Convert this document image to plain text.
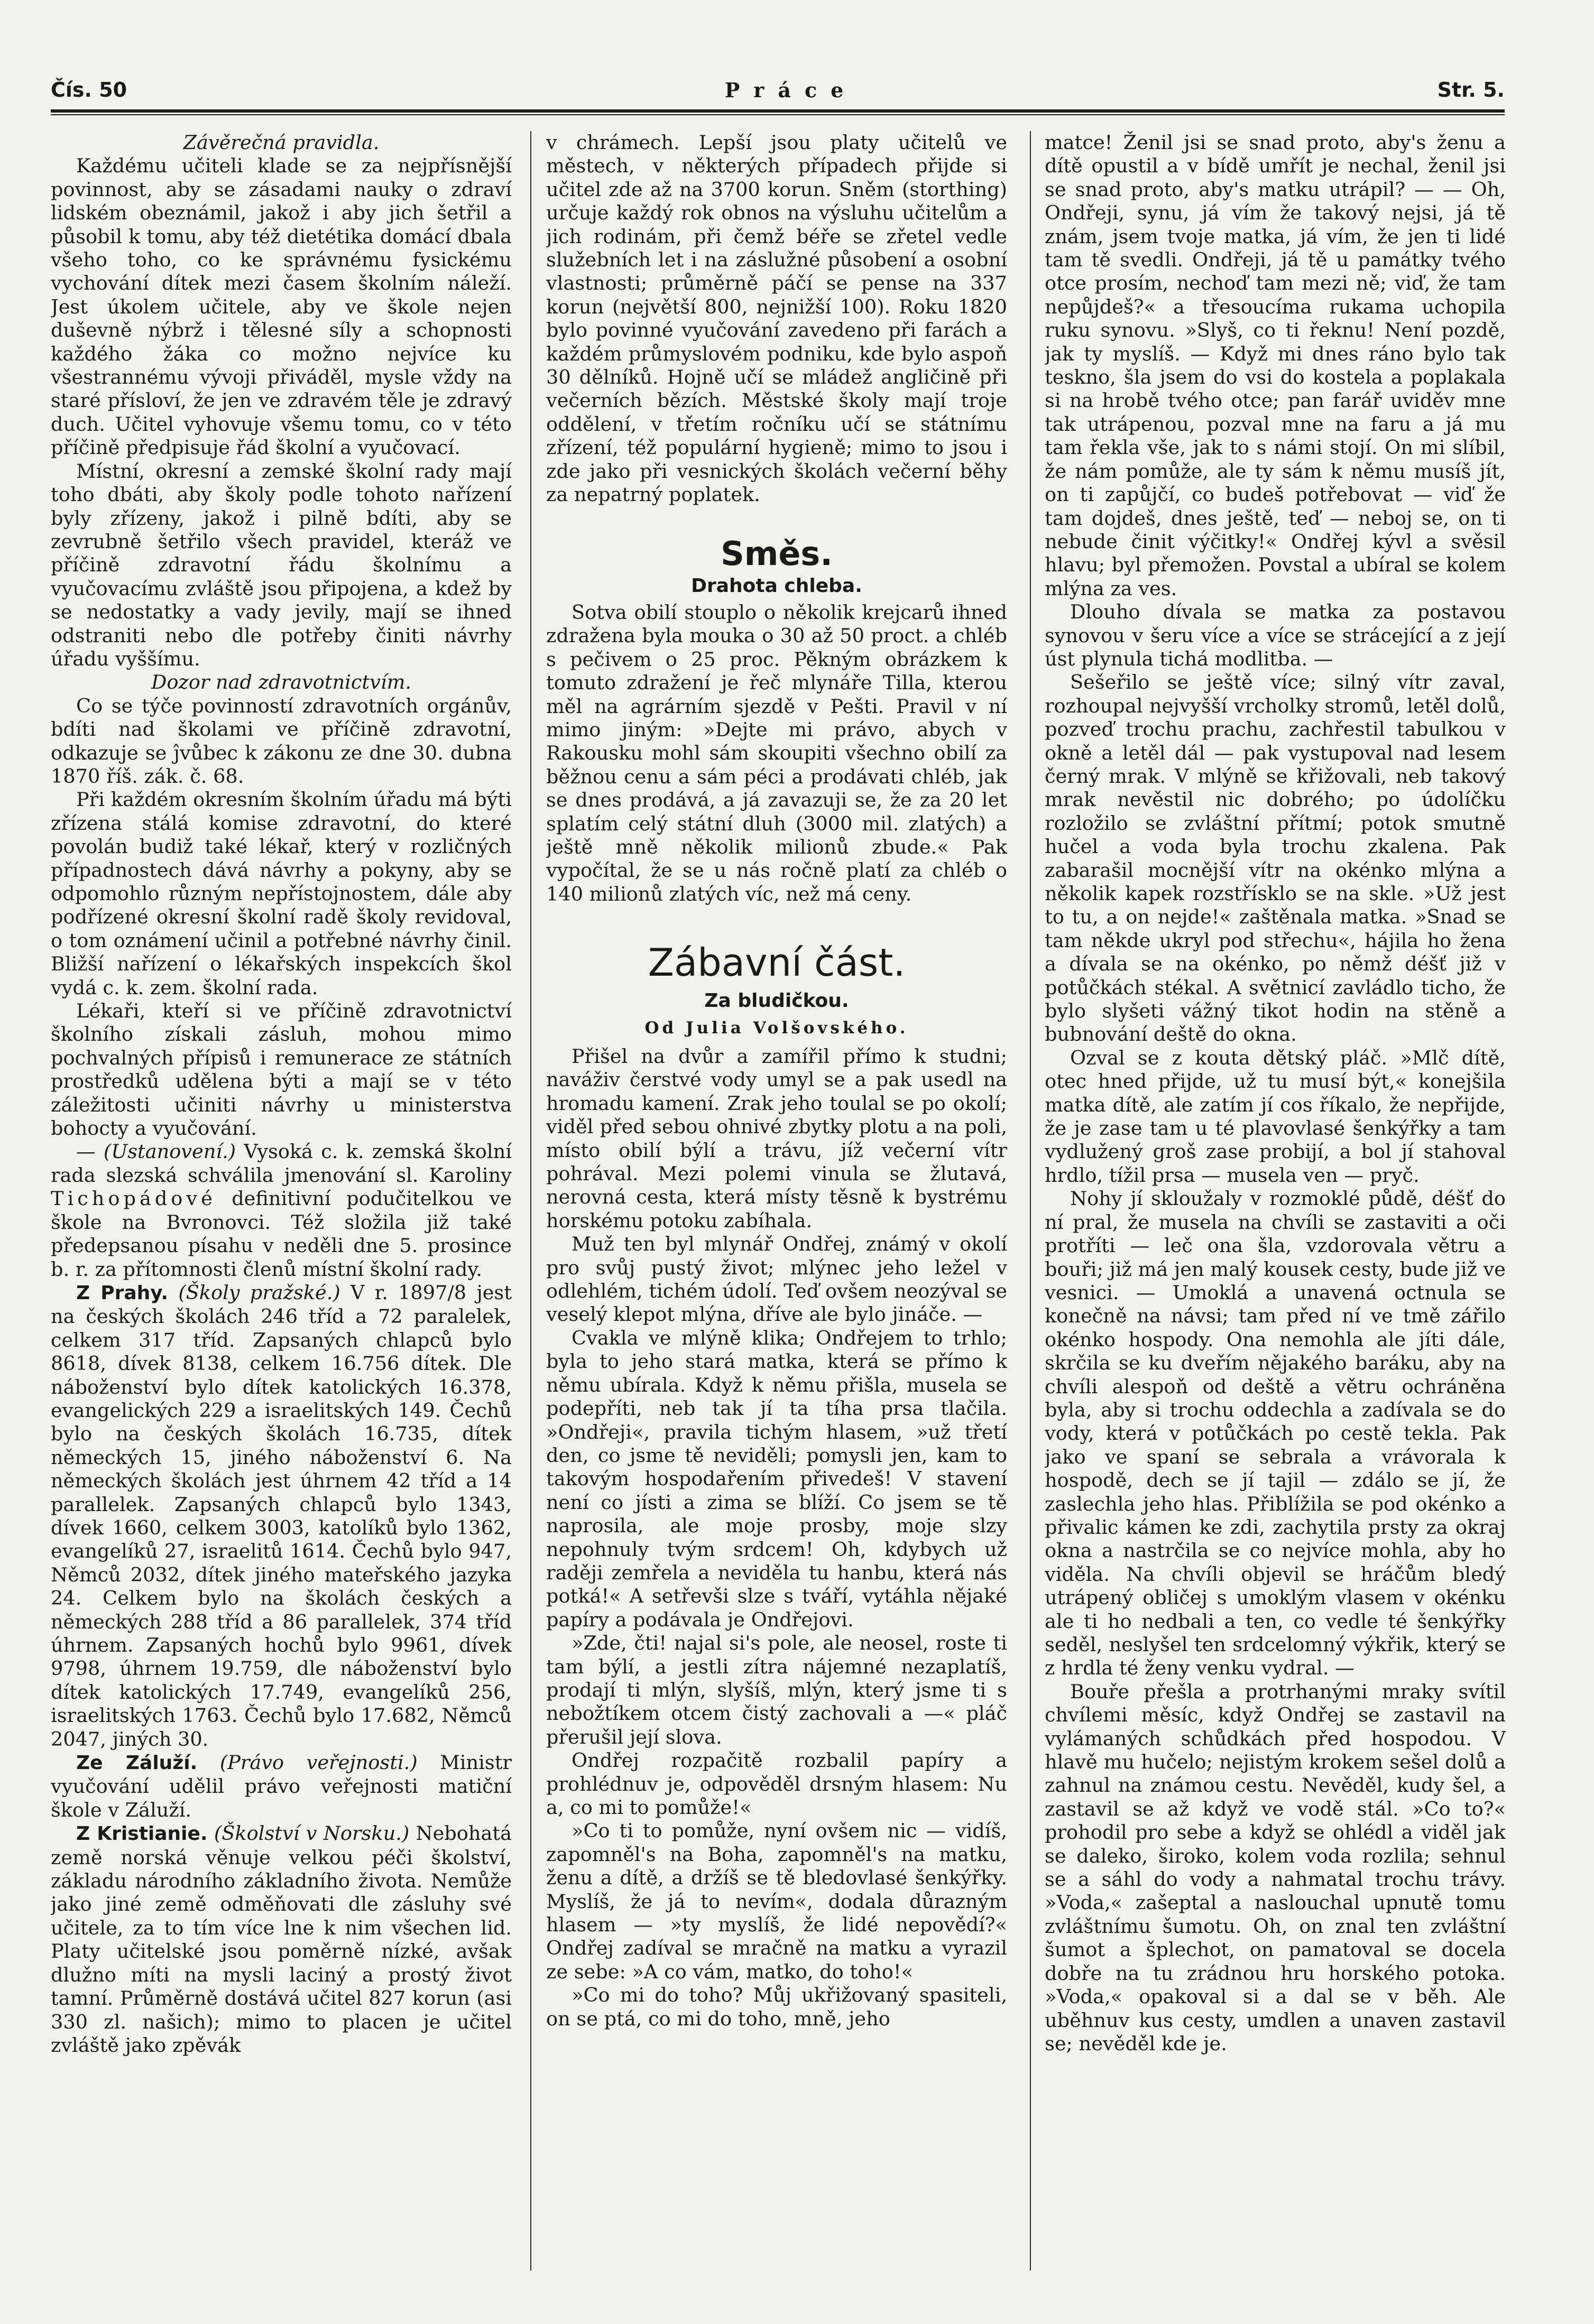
Čís. 50	Práce	Str. 5.

Závěrečná pravidla.

Každému učiteli klade se za nejpřísnější povinnost, aby se zásadami nauky o zdraví lidském obeznámil, jakož i aby jich šetřil a působil k tomu, aby též dietétika domácí dbala všeho toho, co ke správnému fysickému vychování dítek mezi časem školním náleží. Jest úkolem učitele, aby ve škole nejen duševně nýbrž i tělesné síly a schopnosti každého žáka co možno nejvíce ku všestrannému vývoji přiváděl, mysle vždy na staré přísloví, že jen ve zdravém těle je zdravý duch. Učitel vyhovuje všemu tomu, co v této příčině předpisuje řád školní a vyučovací.

Místní, okresní a zemské školní rady mají toho dbáti, aby školy podle tohoto nařízení byly zřízeny, jakož i pilně bdíti, aby se zevrubně šetřilo všech pravidel, kteráž ve příčině zdravotní řádu školnímu a vyučovacímu zvláště jsou připojena, a kdež by se nedostatky a vady jevily, mají se ihned odstraniti nebo dle potřeby činiti návrhy úřadu vyššímu.

Dozor nad zdravotnictvím.

Co se týče povinností zdravotních orgánův, bdíti nad školami ve příčině zdravotní, odkazuje se ĵvůbec k zákonu ze dne 30. dubna 1870 říš. zák. č. 68.

Při každém okresním školním úřadu má býti zřízena stálá komise zdravotní, do které povolán budiž také lékař, který v rozličných případnostech dává návrhy a pokyny, aby se odpomohlo různým nepřístojnostem, dále aby podřízené okresní školní radě školy revidoval, o tom oznámení učinil a potřebné návrhy činil. Bližší nařízení o lékařských inspekcích škol vydá c. k. zem. školní rada.

Lékaři, kteří si ve příčině zdravotnictví školního získali zásluh, mohou mimo pochvalných přípisů i remunerace ze státních prostředků udělena býti a mají se v této záležitosti učiniti návrhy u ministerstva bohocty a vyučování.

— (Ustanovení.) Vysoká c. k. zemská školní rada slezská schválila jmenování sl. Karoliny Tichopádové definitivní podučitelkou ve škole na Bvronovci. Též složila již také předepsanou písahu v neděli dne 5. prosince b. r. za přítomnosti členů místní školní rady.

Z Prahy. (Školy pražské.) V r. 1897/8 jest na českých školách 246 tříd a 72 paralelek, celkem 317 tříd. Zapsaných chlapců bylo 8618, dívek 8138, celkem 16.756 dítek. Dle náboženství bylo dítek katolických 16.378, evangelických 229 a israelitských 149. Čechů bylo na českých školách 16.735, dítek německých 15, jiného náboženství 6. Na německých školách jest úhrnem 42 tříd a 14 parallelek. Zapsaných chlapců bylo 1343, dívek 1660, celkem 3003, katolíků bylo 1362, evangelíků 27, israelitů 1614. Čechů bylo 947, Němců 2032, dítek jiného mateřského jazyka 24. Celkem bylo na školách českých a německých 288 tříd a 86 parallelek, 374 tříd úhrnem. Zapsaných hochů bylo 9961, dívek 9798, úhrnem 19.759, dle náboženství bylo dítek katolických 17.749, evangelíků 256, israelitských 1763. Čechů bylo 17.682, Němců 2047, jiných 30.

Ze Záluží. (Právo veřejnosti.) Ministr vyučování udělil právo veřejnosti matiční škole v Záluží.

Z Kristianie. (Školství v Norsku.) Nebohatá země norská věnuje velkou péči školství, základu národního základního života. Nemůže jako jiné země odměňovati dle zásluhy své učitele, za to tím více lne k nim všechen lid. Platy učitelské jsou poměrně nízké, avšak dlužno míti na mysli laciný a prostý život tamní. Průměrně dostává učitel 827 korun (asi 330 zl. našich); mimo to placen je učitel zvláště jako zpěvák

v chrámech. Lepší jsou platy učitelů ve městech, v některých případech přijde si učitel zde až na 3700 korun. Sněm (storthing) určuje každý rok obnos na výsluhu učitelům a jich rodinám, při čemž béře se zřetel vedle služebních let i na záslužné působení a osobní vlastnosti; průměrně páčí se pense na 337 korun (největší 800, nejnižší 100). Roku 1820 bylo povinné vyučování zavedeno při farách a každém průmyslovém podniku, kde bylo aspoň 30 dělníků. Hojně učí se mládež angličině při večerních bězích. Městské školy mají troje oddělení, v třetím ročníku učí se státnímu zřízení, též populární hygieně; mimo to jsou i zde jako při vesnických školách večerní běhy za nepatrný poplatek.

Směs.
Drahota chleba.

Sotva obilí stouplo o několik krejcarů ihned zdražena byla mouka o 30 až 50 proct. a chléb s pečivem o 25 proc. Pěkným obrázkem k tomuto zdražení je řeč mlynáře Tilla, kterou měl na agrárním sjezdě v Pešti. Pravil v ní mimo jiným: »Dejte mi právo, abych v Rakousku mohl sám skoupiti všechno obilí za běžnou cenu a sám péci a prodávati chléb, jak se dnes prodává, a já zavazuji se, že za 20 let splatím celý státní dluh (3000 mil. zlatých) a ještě mně několik milionů zbude.« Pak vypočítal, že se u nás ročně platí za chléb o 140 milionů zlatých víc, než má ceny.

Zábavní část.
Za bludičkou.
Od Julia Volšovského.

Přišel na dvůr a zamířil přímo k studni; naváživ čerstvé vody umyl se a pak usedl na hromadu kamení. Zrak jeho toulal se po okolí; viděl před sebou ohnivé zbytky plotu a na poli, místo obilí býlí a trávu, jíž večerní vítr pohrával. Mezi polemi vinula se žlutavá, nerovná cesta, která místy těsně k bystrému horskému potoku zabíhala.

Muž ten byl mlynář Ondřej, známý v okolí pro svůj pustý život; mlýnec jeho ležel v odlehlém, tichém údolí. Teď ovšem neozýval se veselý klepot mlýna, dříve ale bylo jináče. —

Cvakla ve mlýně klika; Ondřejem to trhlo; byla to jeho stará matka, která se přímo k němu ubírala. Když k němu přišla, musela se podepříti, neb tak jí ta tíha prsa tlačila. »Ondřeji«, pravila tichým hlasem, »už třetí den, co jsme tě neviděli; pomysli jen, kam to takovým hospodařením přivedeš! V stavení není co jísti a zima se blíží. Co jsem se tě naprosila, ale moje prosby, moje slzy nepohnuly tvým srdcem! Oh, kdybych už raději zemřela a neviděla tu hanbu, která nás potká!« A setřevši slze s tváří, vytáhla nějaké papíry a podávala je Ondřejovi.

»Zde, čti! najal si's pole, ale neosel, roste ti tam býlí, a jestli zítra nájemné nezaplatíš, prodají ti mlýn, slyšíš, mlýn, který jsme ti s nebožtíkem otcem čistý zachovali a —« pláč přerušil její slova.

Ondřej rozpačitě rozbalil papíry a prohlédnuv je, odpověděl drsným hlasem: Nu a, co mi to pomůže!«

»Co ti to pomůže, nyní ovšem nic — vidíš, zapomněl's na Boha, zapomněl's na matku, ženu a dítě, a držíš se tě bledovlasé šenkýřky. Myslíš, že já to nevím«, dodala důrazným hlasem — »ty myslíš, že lidé nepovědí?« Ondřej zadíval se mračně na matku a vyrazil ze sebe: »A co vám, matko, do toho!«

»Co mi do toho? Můj ukřižovaný spasiteli, on se ptá, co mi do toho, mně, jeho

matce! Ženil jsi se snad proto, aby's ženu a dítě opustil a v bídě umřít je nechal, ženil jsi se snad proto, aby's matku utrápil? — — Oh, Ondřeji, synu, já vím že takový nejsi, já tě znám, jsem tvoje matka, já vím, že jen ti lidé tam tě svedli. Ondřeji, já tě u památky tvého otce prosím, nechoď tam mezi ně; viď, že tam nepůjdeš?« a třesoucíma rukama uchopila ruku synovu. »Slyš, co ti řeknu! Není pozdě, jak ty myslíš. — Když mi dnes ráno bylo tak teskno, šla jsem do vsi do kostela a poplakala si na hrobě tvého otce; pan farář uviděv mne tak utrápenou, pozval mne na faru a já mu tam řekla vše, jak to s námi stojí. On mi slíbil, že nám pomůže, ale ty sám k němu musíš jít, on ti zapůjčí, co budeš potřebovat — viď že tam dojdeš, dnes ještě, teď — neboj se, on ti nebude činit výčitky!« Ondřej kývl a svěsil hlavu; byl přemožen. Povstal a ubíral se kolem mlýna za ves.

Dlouho dívala se matka za postavou synovou v šeru více a více se strácející a z její úst plynula tichá modlitba. —

Sešeřilo se ještě více; silný vítr zaval, rozhoupal nejvyšší vrcholky stromů, letěl dolů, pozveď trochu prachu, zachřestil tabulkou v okně a letěl dál — pak vystupoval nad lesem černý mrak. V mlýně se křižovali, neb takový mrak nevěstil nic dobrého; po údolíčku rozložilo se zvláštní přítmí; potok smutně hučel a voda byla trochu zkalena. Pak zabarašil mocnější vítr na okénko mlýna a několik kapek rozstřísklo se na skle. »Už jest to tu, a on nejde!« zaštěnala matka. »Snad se tam někde ukryl pod střechu«, hájila ho žena a dívala se na okénko, po němž déšť již v potůčkách stékal. A světnicí zavládlo ticho, že bylo slyšeti vážný tikot hodin na stěně a bubnování deště do okna.

Ozval se z kouta dětský pláč. »Mlč dítě, otec hned přijde, už tu musí být,« konejšila matka dítě, ale zatím jí cos říkalo, že nepřijde, že je zase tam u té plavovlasé šenkýřky a tam vydlužený groš zase probijí, a bol jí stahoval hrdlo, tížil prsa — musela ven — pryč.

Nohy jí skloužaly v rozmoklé půdě, déšť do ní pral, že musela na chvíli se zastaviti a oči protříti — leč ona šla, vzdorovala větru a bouři; již má jen malý kousek cesty, bude již ve vesnici. — Umoklá a unavená octnula se konečně na návsi; tam před ní ve tmě zářilo okénko hospody. Ona nemohla ale jíti dále, skrčila se ku dveřím nějakého baráku, aby na chvíli alespoň od deště a větru ochráněna byla, aby si trochu oddechla a zadívala se do vody, která v potůčkách po cestě tekla. Pak jako ve spaní se sebrala a vrávorala k hospodě, dech se jí tajil — zdálo se jí, že zaslechla jeho hlas. Přiblížila se pod okénko a přivalic kámen ke zdi, zachytila prsty za okraj okna a nastrčila se co nejvíce mohla, aby ho viděla. Na chvíli objevil se hráčům bledý utrápený obličej s umoklým vlasem v okénku ale ti ho nedbali a ten, co vedle té šenkýřky seděl, neslyšel ten srdcelomný výkřik, který se z hrdla té ženy venku vydral. —

Bouře přešla a protrhanými mraky svítil chvílemi měsíc, když Ondřej se zastavil na vylámaných schůdkách před hospodou. V hlavě mu hučelo; nejistým krokem sešel dolů a zahnul na známou cestu. Nevěděl, kudy šel, a zastavil se až když ve vodě stál. »Co to?« prohodil pro sebe a když se ohlédl a viděl jak se daleko, široko, kolem voda rozlila; sehnul se a sáhl do vody a nahmatal trochu trávy. »Voda,« zašeptal a naslouchal upnutě tomu zvláštnímu šumotu. Oh, on znal ten zvláštní šumot a šplechot, on pamatoval se docela dobře na tu zrádnou hru horského potoka. »Voda,« opakoval si a dal se v běh. Ale uběhnuv kus cesty, umdlen a unaven zastavil se; nevěděl kde je.
